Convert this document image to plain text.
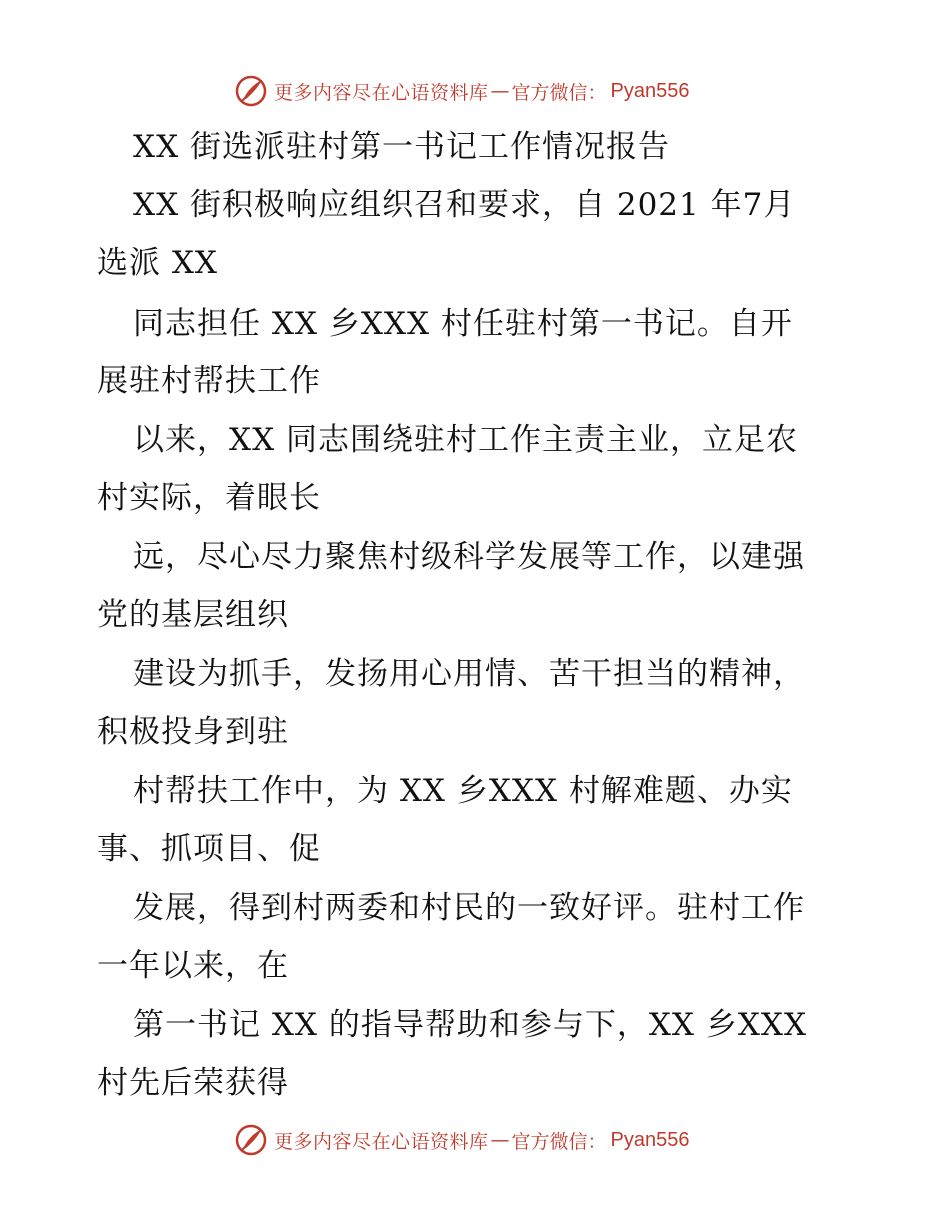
更多内容尽在心语资料库 — 官方微信： Pyan556
XX 街选派驻村第一书记工作情况报告
XX 街积极响应组织召和要求，自 2021 年7月
选派 XX
同志担任 XX 乡XXX 村任驻村第一书记。自开
展驻村帮扶工作
以来，XX 同志围绕驻村工作主责主业，立足农
村实际，着眼长
远，尽心尽力聚焦村级科学发展等工作，以建强
党的基层组织
建设为抓手，发扬用心用情、苦干担当的精神，
积极投身到驻
村帮扶工作中，为 XX 乡XXX 村解难题、办实
事、抓项目、促
发展，得到村两委和村民的一致好评。驻村工作
一年以来，在
第一书记 XX 的指导帮助和参与下，XX 乡XXX
村先后荣获得
更多内容尽在心语资料库 — 官方微信： Pyan556
